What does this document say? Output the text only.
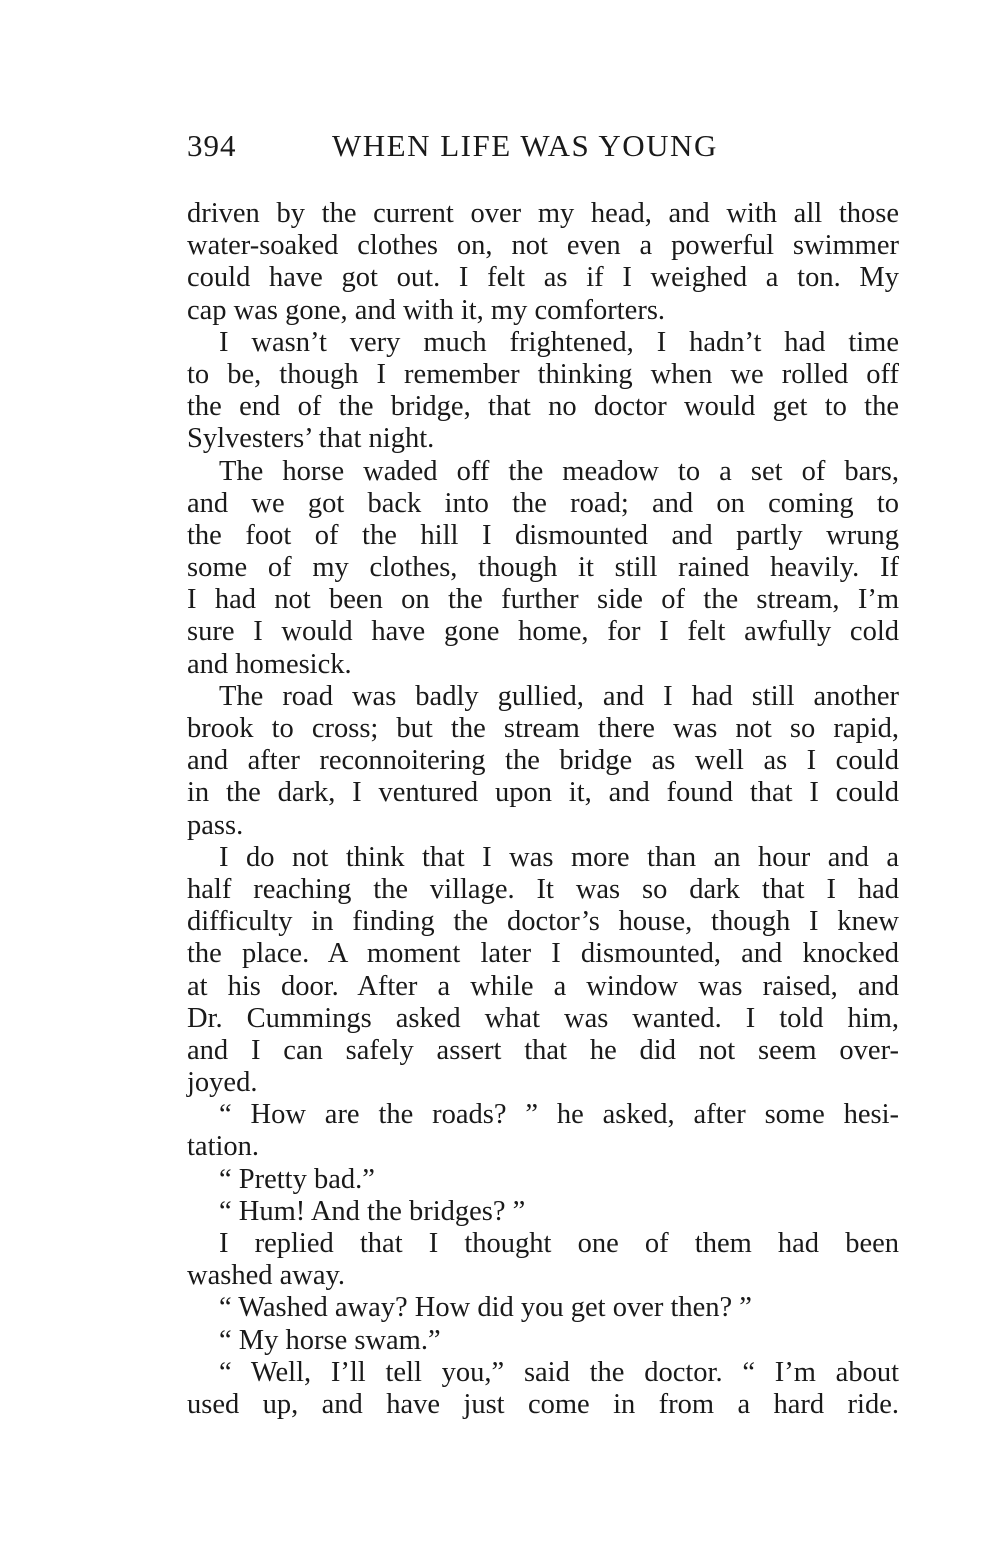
394	WHEN LIFE WAS YOUNG
driven by the current over my head, and with all those
water-soaked clothes on, not even a powerful swimmer
could have got out. I felt as if I weighed a ton. My
cap was gone, and with it, my comforters.
I wasn’t very much frightened, I hadn’t had time
to be, though I remember thinking when we rolled off
the end of the bridge, that no doctor would get to the
Sylvesters’ that night.
The horse waded off the meadow to a set of bars,
and we got back into the road; and on coming to
the foot of the hill I dismounted and partly wrung
some of my clothes, though it still rained heavily. If
I had not been on the further side of the stream, I’m
sure I would have gone home, for I felt awfully cold
and homesick.
The road was badly gullied, and I had still another
brook to cross; but the stream there was not so rapid,
and after reconnoitering the bridge as well as I could
in the dark, I ventured upon it, and found that I could
pass.
I do not think that I was more than an hour and a
half reaching the village. It was so dark that I had
difficulty in finding the doctor’s house, though I knew
the place. A moment later I dismounted, and knocked
at his door. After a while a window was raised, and
Dr. Cummings asked what was wanted. I told him,
and I can safely assert that he did not seem over-
joyed.
“ How are the roads? ” he asked, after some hesi-
tation.
“ Pretty bad.”
“ Hum! And the bridges? ”
I replied that I thought one of them had been
washed away.
“ Washed away? How did you get over then? ”
“ My horse swam.”
“ Well, I’ll tell you,” said the doctor. “ I’m about
used up, and have just come in from a hard ride.
